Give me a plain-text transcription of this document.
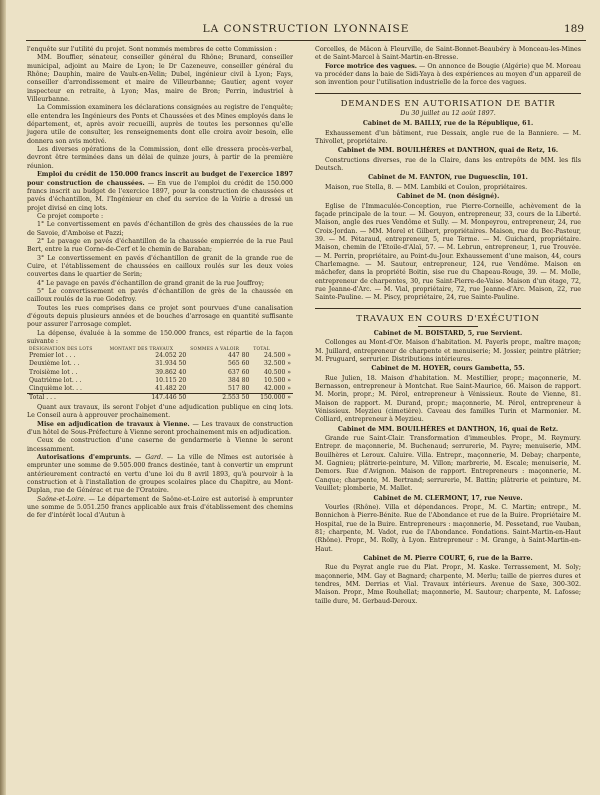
LA CONSTRUCTION LYONNAISE	189

l'enquête sur l'utilité du projet. Sont nommés membres de cette Commission :

MM. Bouffier, sénateur, conseiller général du Rhône; Brunard, conseiller municipal, adjoint au Maire de Lyon; le Dr Cazeneuve, conseiller général du Rhône; Dauphin, maire de Vaulx-en-Velin; Dubel, ingénieur civil à Lyon; Fays, conseiller d'arrondissement et maire de Villeurbanne; Gautier, agent voyer inspecteur en retraite, à Lyon; Mas, maire de Bron; Perrin, industriel à Villeurbanne.

La Commission examinera les déclarations consignées au registre de l'enquête; elle entendra les Ingénieurs des Ponts et Chaussées et des Mines employés dans le département, et, après avoir recueilli, auprès de toutes les personnes qu'elle jugera utile de consulter, les renseignements dont elle croira avoir besoin, elle donnera son avis motivé.

Les diverses opérations de la Commission, dont elle dressera procès-verbal, devront être terminées dans un délai de quinze jours, à partir de la première réunion.

Emploi du crédit de 150.000 francs inscrit au budget de l'exercice 1897 pour construction de chaussées. — En vue de l'emploi du crédit de 150.000 francs inscrit au budget de l'exercice 1897, pour la construction de chaussées et pavés d'échantillon, M. l'Ingénieur en chef du service de la Voirie a dressé un projet divisé en cinq lots.

Ce projet comporte :

1° Le convertissement en pavés d'échantillon de grès des chaussées de la rue de Savoie, d'Amboise et Pazzi;

2° Le pavage en pavés d'échantillon de la chaussée empierrée de la rue Paul Bert, entre la rue Corne-de-Cerf et le chemin de Baraban;

3° Le convertissement en pavés d'échantillon de granit de la grande rue de Cuire, et l'établissement de chaussées en cailloux roulés sur les deux voies couvertes dans le quartier de Serin;

4° Le pavage en pavés d'échantillon de grand granit de la rue Jouffroy;

5° Le convertissement en pavés d'échantillon de grès de la chaussée en cailloux roulés de la rue Godefroy.

Toutes les rues comprises dans ce projet sont pourvues d'une canalisation d'égouts depuis plusieurs années et de bouches d'arrosage en quantité suffisante pour assurer l'arrosage complet.

La dépense, évaluée à la somme de 150.000 francs, est répartie de la façon suivante :

DÉSIGNATION DES LOTS	MONTANT DES TRAVAUX	SOMMES A VALOIR	TOTAL
Premier lot . . .	24.052 20	447 80	24.500 »
Deuxième lot. . .	31.934 50	565 60	32.500 »
Troisième lot . .	39.862 40	637 60	40.500 »
Quatrième lot. . .	10.115 20	384 80	10.500 »
Cinquième lot. . .	41.482 20	517 80	42.000 »
Total . . .	147.446 50	2.553 50	150.000 »

Quant aux travaux, ils seront l'objet d'une adjudication publique en cinq lots. Le Conseil aura à approuver prochainement.

Mise en adjudication de travaux à Vienne. — Les travaux de construction d'un hôtel de Sous-Préfecture à Vienne seront prochainement mis en adjudication.

Ceux de construction d'une caserne de gendarmerie à Vienne le seront incessamment.

Autorisations d'emprunts. — Gard. — La ville de Nîmes est autorisée à emprunter une somme de 9.505.000 francs destinée, tant à convertir un emprunt antérieurement contracté en vertu d'une loi du 8 avril 1893, qu'à pourvoir à la construction et à l'installation de groupes scolaires place du Chapitre, au Mont-Duplan, rue de Générac et rue de l'Oratoire.

Saône-et-Loire. — Le département de Saône-et-Loire est autorisé à emprunter une somme de 5.051.250 francs applicable aux frais d'établissement des chemins de fer d'intérêt local d'Autun à

Corcelles, de Mâcon à Fleurville, de Saint-Bonnet-Beaubéry à Monceau-les-Mines et de Saint-Marcel à Saint-Martin-en-Bresse.

Force motrice des vagues. — On annonce de Bougie (Algérie) que M. Moreau va procéder dans la baie de Sidi-Yaya à des expériences au moyen d'un appareil de son invention pour l'utilisation industrielle de la force des vagues.

DEMANDES EN AUTORISATION DE BATIR
Du 30 juillet au 12 août 1897.
Cabinet de M. BAILLY, rue de la République, 61.

Exhaussement d'un bâtiment, rue Dessaix, angle rue de la Banniere. — M. Thivollet, propriétaire.

Cabinet de MM. BOUILHÈRES et DANTHON, quai de Retz, 16.

Constructions diverses, rue de la Claire, dans les entrepôts de MM. les fils Deutsch.

Cabinet de M. FANTON, rue Duguesclin, 101.

Maison, rue Stella, 8. — MM. Lambiki et Coulon, propriétaires.

Cabinet de M. (non désigné).

Eglise de l'Immaculée-Conception, rue Pierre-Corneille, achèvement de la façade principale de la tour. — M. Gouyon, entrepreneur, 33, cours de la Liberté. Maison, angle des rues Vendôme et Sully. — M. Monpeyrou, entrepreneur, 24, rue Croix-Jordan. — MM. Morel et Gilbert, propriétaires. Maison, rue du Bec-Pasteur, 39. — M. Pétaraud, entrepreneur, 5, rue Terme. — M. Guichard, propriétaire. Maison, chemin de l'Etoile-d'Alaï, 57. — M. Lebrun, entrepreneur, 1, rue Trouvée. — M. Perrin, propriétaire, au Point-du-Jour. Exhaussement d'une maison, 44, cours Charlemagne. — M. Sautour, entrepreneur, 124, rue Vendôme. Maison en mâchefer, dans la propriété Boitin, sise rue du Chapeau-Rouge, 39. — M. Molle, entrepreneur de charpentes, 30, rue Saint-Pierre-de-Vaise. Maison d'un étage, 72, rue Jeanne-d'Arc. — M. Vial, propriétaire, 72, rue Jeanne-d'Arc. Maison, 22, rue Sainte-Pauline. — M. Piscy, propriétaire, 24, rue Sainte-Pauline.

TRAVAUX EN COURS D'EXÉCUTION
Cabinet de M. BOISTARD, 5, rue Servient.

Collonges au Mont-d'Or. Maison d'habitation. M. Payerls propr., maître maçon; M. Juillard, entrepreneur de charpente et menuiserie; M. Jossier, peintre plâtrier; M. Pruguard, serrurier. Distributions intérieures.

Cabinet de M. HOYER, cours Gambetta, 55.

Rue Julien, 18. Maison d'habitation. M. Mestillier, propr.; maçonnerie, M. Bernasson, entrepreneur à Montchat. Rue Saint-Maurice, 66. Maison de rapport. M. Morin, propr.; M. Pérol, entrepreneur à Vénissieux. Route de Vienne, 81. Maison de rapport. M. Durand, propr.; maçonnerie, M. Pérol, entrepreneur à Vénissieux. Meyzieu (cimetière). Caveau des familles Turin et Marmonier. M. Colliard, entrepreneur à Meyzieu.

Cabinet de MM. BOUILHÈRES et DANTHON, 16, quai de Retz.

Grande rue Saint-Clair. Transformation d'immeubles. Propr., M. Reymury. Entrepr. de maçonnerie, M. Buchenaud; serrurerie, M. Payre; menuiserie, MM. Bouilhères et Leroux. Caluire. Villa. Entrepr., maçonnerie, M. Debay; charpente, M. Gagnieu; plâtrerie-peinture, M. Villon; marbrerie, M. Escale; menuiserie, M. Demors. Rue d'Avignon. Maison de rapport. Entrepreneurs : maçonnerie, M. Canque; charpente, M. Bertrand; serrurerie, M. Battin; plâtrerie et peinture, M. Veuillet; plomberie, M. Mallet.

Cabinet de M. CLERMONT, 17, rue Neuve.

Vourles (Rhône). Villa et dépendances. Propr., M. C. Martin; entrepr., M. Bonnichon à Pierre-Bénite. Rue de l'Abondance et rue de la Buire. Propriétaire M. Hospital, rue de la Buire. Entrepreneurs : maçonnerie, M. Pessetand, rue Vauban, 81; charpente, M. Vadot, rue de l'Abondance. Fondations. Saint-Martin-en-Haut (Rhône). Propr., M. Rolly, à Lyon. Entrepreneur : M. Grange, à Saint-Martin-en-Haut.

Cabinet de M. Pierre COURT, 6, rue de la Barre.

Rue du Peyrat angle rue du Plat. Propr., M. Kaske. Terrassement, M. Soly; maçonnerie, MM. Gay et Bagnard; charpente, M. Merlu; taille de pierres dures et tendres, MM. Derrias et Vial. Travaux intérieurs. Avenue de Saxe, 300-302. Maison. Propr., Mme Rouhellat; maçonnerie, M. Sautour; charpente, M. Lafosse; taille dure, M. Gerbaud-Deroux.
